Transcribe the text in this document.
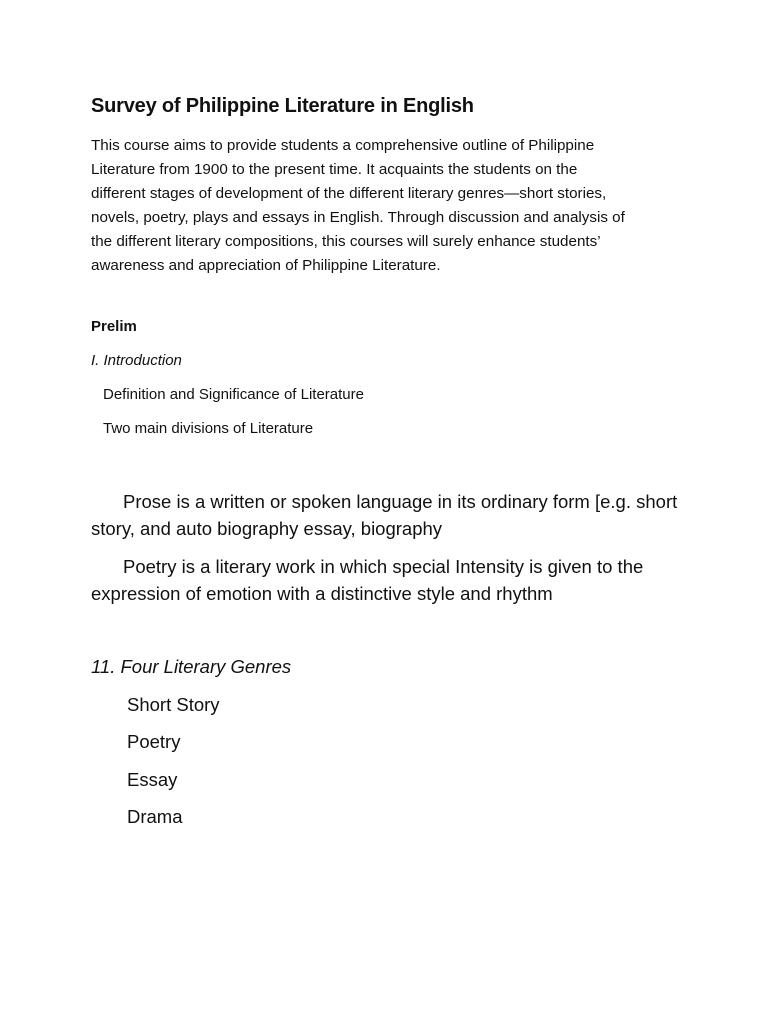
Survey of Philippine Literature in English

This course aims to provide students a comprehensive outline of Philippine

Literature from 1900 to the present time. It acquaints the students on the

different stages of development of the different literary genres—short stories,

novels, poetry, plays and essays in English. Through discussion and analysis of

the different literary compositions, this courses will surely enhance students’

awareness and appreciation of Philippine Literature.

Prelim
I. Introduction
Definition and Significance of Literature
Two main divisions of Literature

Prose is a written or spoken language in its ordinary form [e.g. short

story, and auto biography essay, biography

Poetry is a literary work in which special Intensity is given to the

expression of emotion with a distinctive style and rhythm

11. Four Literary Genres
Short Story
Poetry
Essay
Drama
